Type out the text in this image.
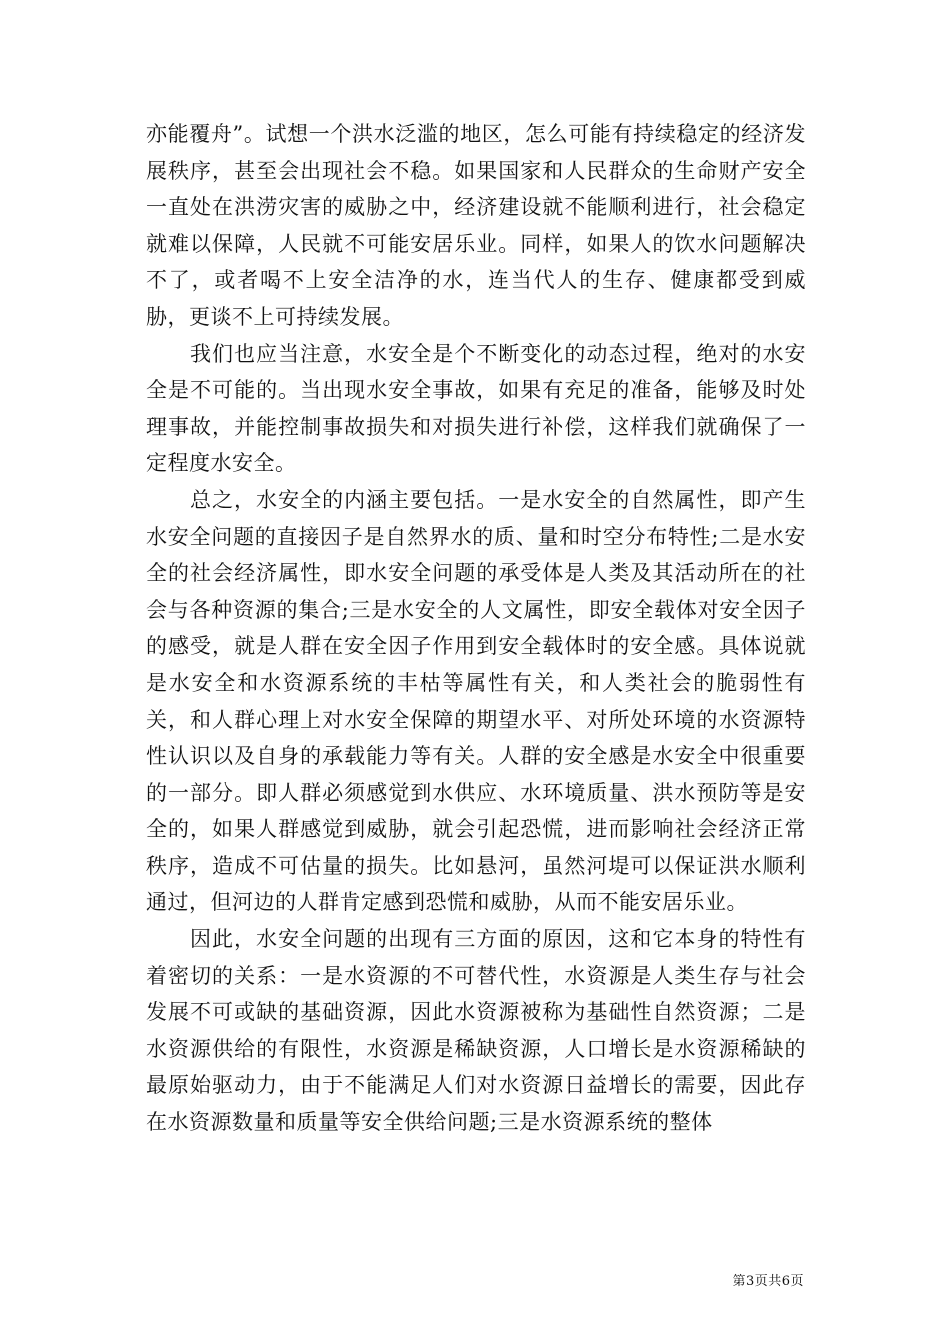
亦能覆舟”。试想一个洪水泛滥的地区，怎么可能有持续稳定的经济发展秩序，甚至会出现社会不稳。如果国家和人民群众的生命财产安全一直处在洪涝灾害的威胁之中，经济建设就不能顺利进行，社会稳定就难以保障，人民就不可能安居乐业。同样，如果人的饮水问题解决不了，或者喝不上安全洁净的水，连当代人的生存、健康都受到威胁，更谈不上可持续发展。

我们也应当注意，水安全是个不断变化的动态过程，绝对的水安全是不可能的。当出现水安全事故，如果有充足的准备，能够及时处理事故，并能控制事故损失和对损失进行补偿，这样我们就确保了一定程度水安全。

总之，水安全的内涵主要包括。一是水安全的自然属性，即产生水安全问题的直接因子是自然界水的质、量和时空分布特性;二是水安全的社会经济属性，即水安全问题的承受体是人类及其活动所在的社会与各种资源的集合;三是水安全的人文属性，即安全载体对安全因子的感受，就是人群在安全因子作用到安全载体时的安全感。具体说就是水安全和水资源系统的丰枯等属性有关，和人类社会的脆弱性有关，和人群心理上对水安全保障的期望水平、对所处环境的水资源特性认识以及自身的承载能力等有关。人群的安全感是水安全中很重要的一部分。即人群必须感觉到水供应、水环境质量、洪水预防等是安全的，如果人群感觉到威胁，就会引起恐慌，进而影响社会经济正常秩序，造成不可估量的损失。比如悬河，虽然河堤可以保证洪水顺利通过，但河边的人群肯定感到恐慌和威胁，从而不能安居乐业。

因此，水安全问题的出现有三方面的原因，这和它本身的特性有着密切的关系：一是水资源的不可替代性，水资源是人类生存与社会发展不可或缺的基础资源，因此水资源被称为基础性自然资源；二是水资源供给的有限性，水资源是稀缺资源，人口增长是水资源稀缺的最原始驱动力，由于不能满足人们对水资源日益增长的需要，因此存在水资源数量和质量等安全供给问题;三是水资源系统的整体

第3页共6页
